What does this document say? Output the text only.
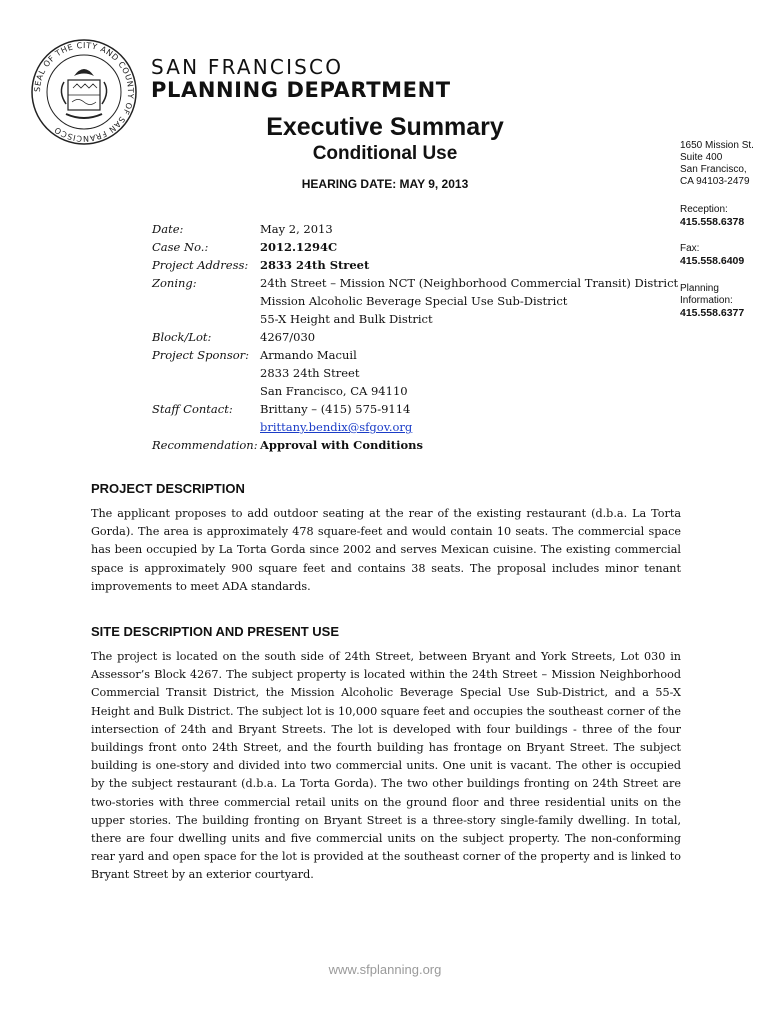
SEAL OF THE CITY AND COUNTY OF SAN FRANCISCO
SAN FRANCISCO
PLANNING DEPARTMENT
Executive Summary
Conditional Use
HEARING DATE: MAY 9, 2013
1650 Mission St.
Suite 400
San Francisco,
CA 94103-2479
Reception:
415.558.6378
Fax:
415.558.6409
Planning
Information:
415.558.6377
Date:	May 2, 2013
Case No.:	2012.1294C
Project Address:	2833 24th Street
Zoning:	24th Street – Mission NCT (Neighborhood Commercial Transit) District
Mission Alcoholic Beverage Special Use Sub-District
55-X Height and Bulk District
Block/Lot:	4267/030
Project Sponsor: Armando Macuil
2833 24th Street
San Francisco, CA 94110
Staff Contact:	Brittany – (415) 575-9114
brittany.bendix@sfgov.org
Recommendation: Approval with Conditions
PROJECT DESCRIPTION
The applicant proposes to add outdoor seating at the rear of the existing restaurant (d.b.a. La Torta Gorda). The area is approximately 478 square-feet and would contain 10 seats. The commercial space has been occupied by La Torta Gorda since 2002 and serves Mexican cuisine. The existing commercial space is approximately 900 square feet and contains 38 seats. The proposal includes minor tenant improvements to meet ADA standards.
SITE DESCRIPTION AND PRESENT USE
The project is located on the south side of 24th Street, between Bryant and York Streets, Lot 030 in Assessor’s Block 4267. The subject property is located within the 24th Street – Mission Neighborhood Commercial Transit District, the Mission Alcoholic Beverage Special Use Sub-District, and a 55-X Height and Bulk District. The subject lot is 10,000 square feet and occupies the southeast corner of the intersection of 24th and Bryant Streets. The lot is developed with four buildings - three of the four buildings front onto 24th Street, and the fourth building has frontage on Bryant Street. The subject building is one-story and divided into two commercial units. One unit is vacant. The other is occupied by the subject restaurant (d.b.a. La Torta Gorda). The two other buildings fronting on 24th Street are two-stories with three commercial retail units on the ground floor and three residential units on the upper stories. The building fronting on Bryant Street is a three-story single-family dwelling. In total, there are four dwelling units and five commercial units on the subject property. The non-conforming rear yard and open space for the lot is provided at the southeast corner of the property and is linked to Bryant Street by an exterior courtyard.
www.sfplanning.org
